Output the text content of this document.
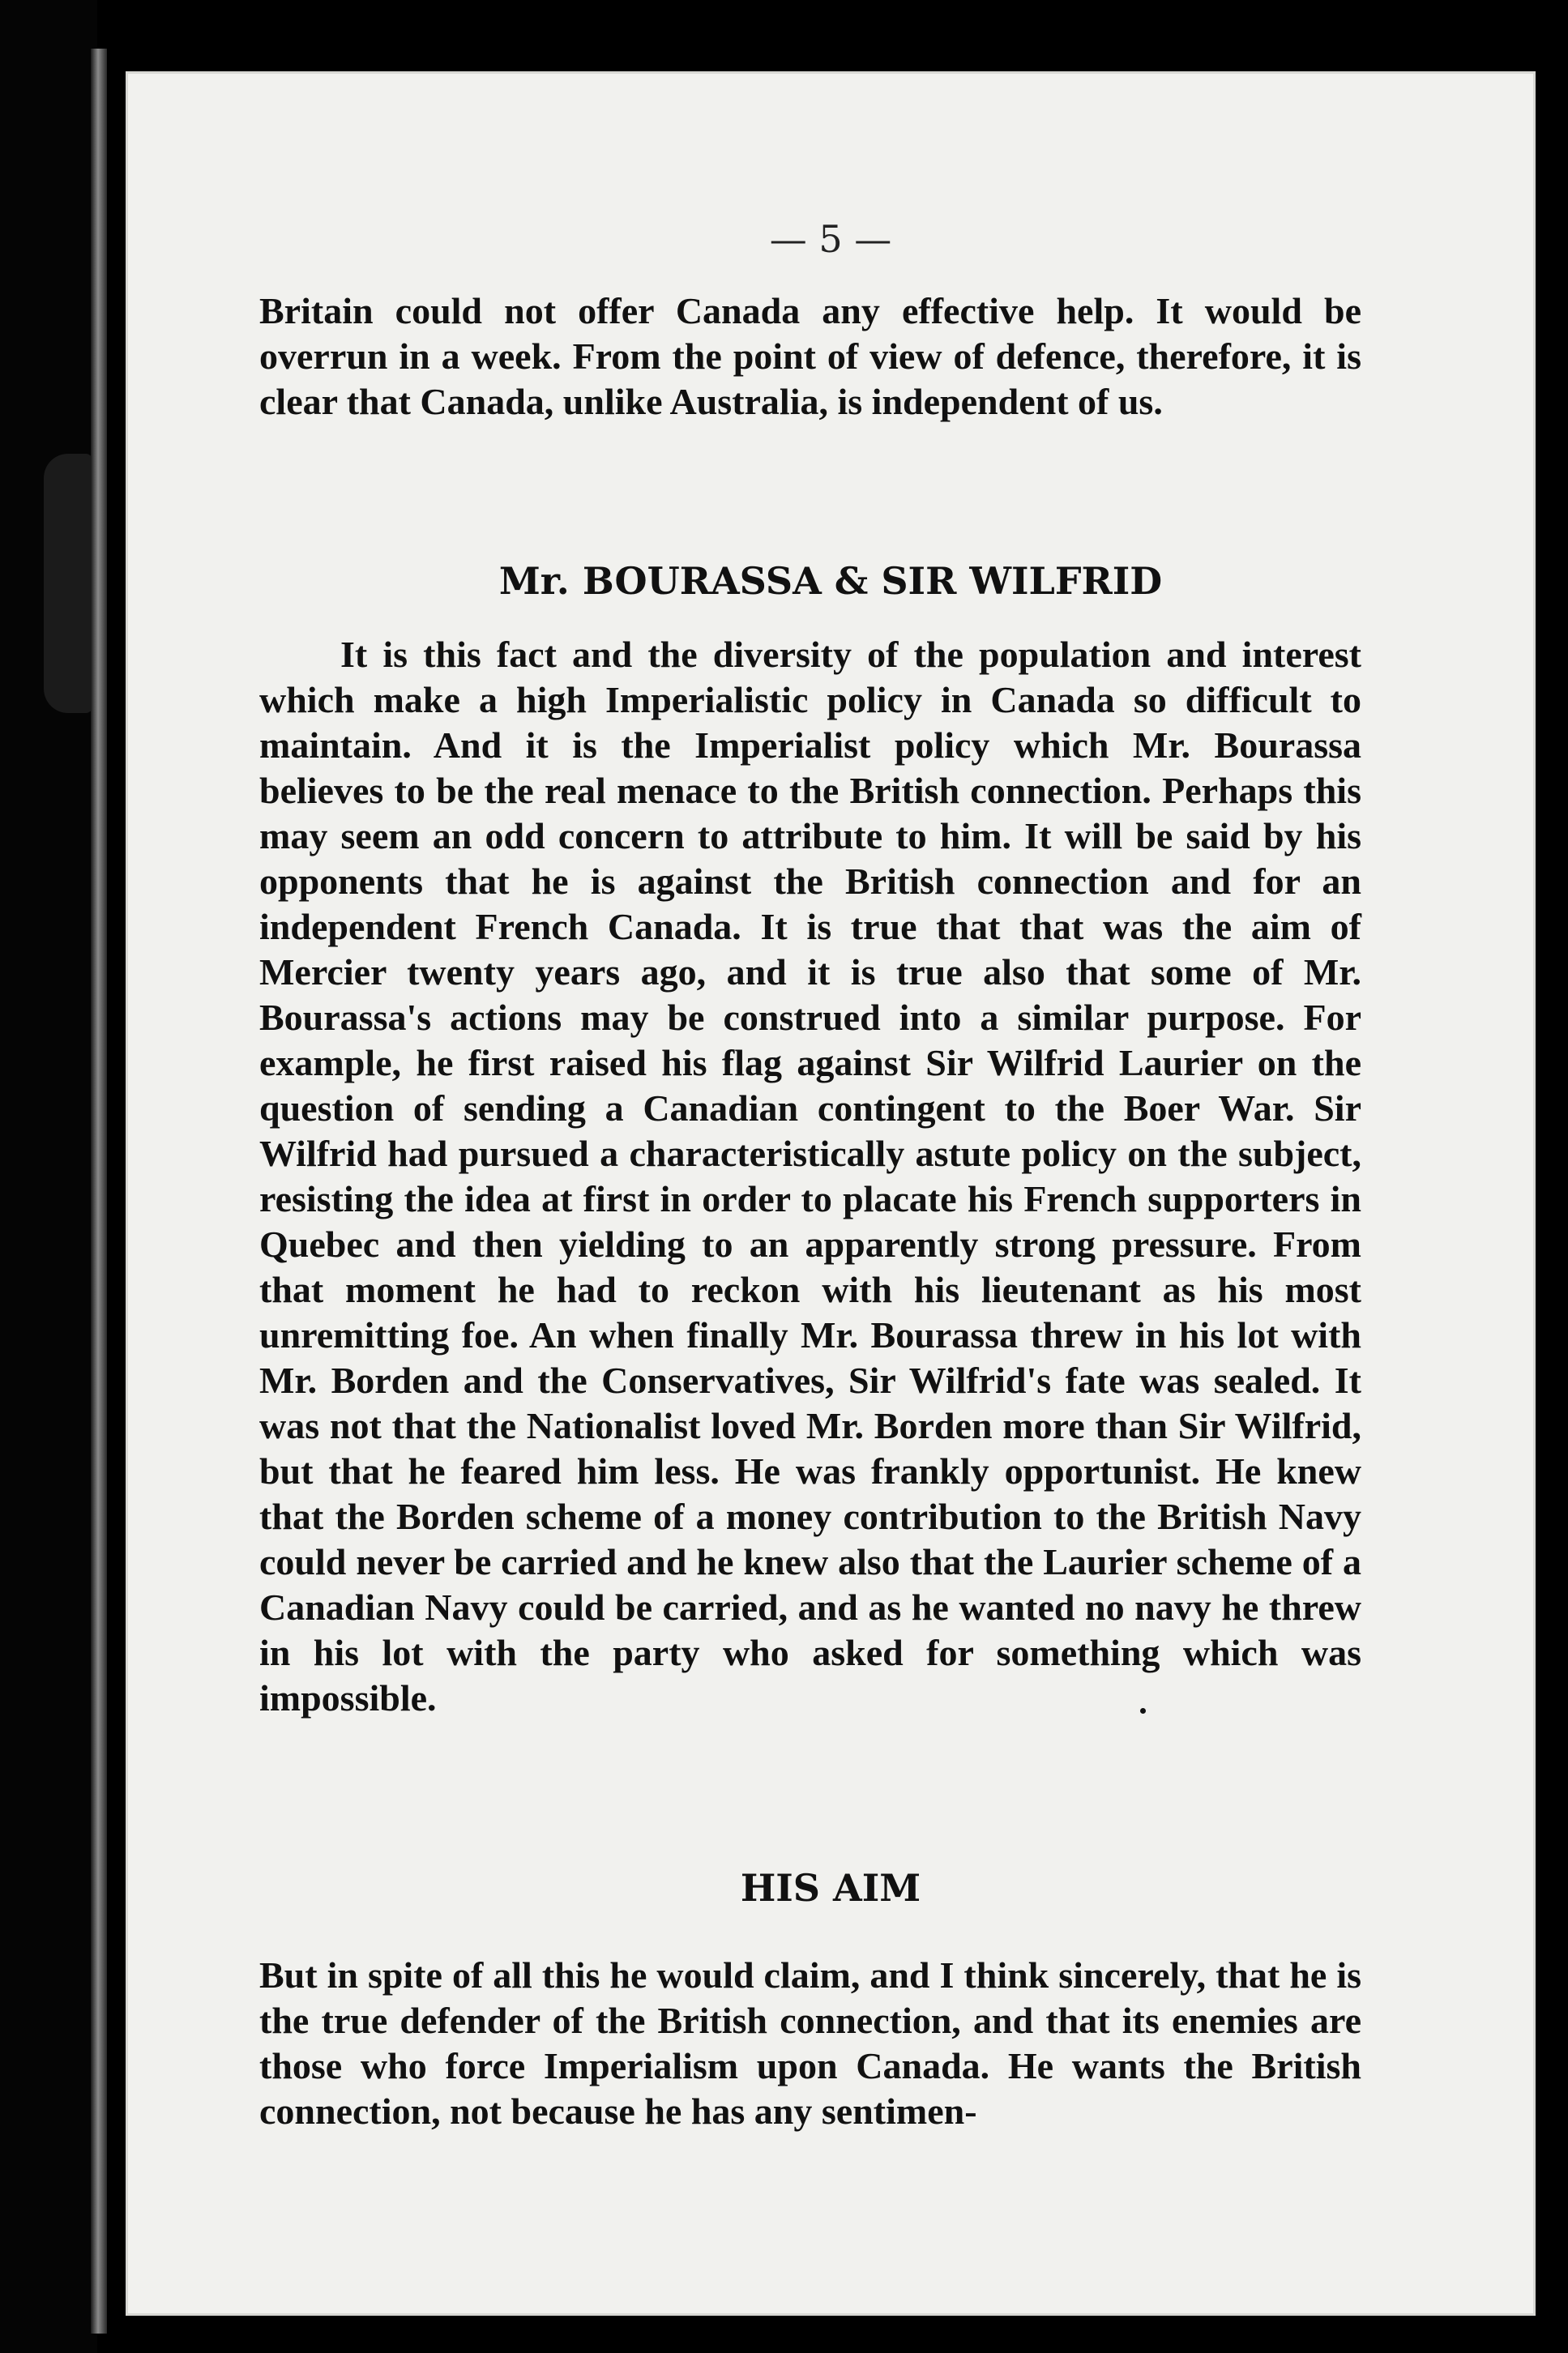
— 5 —

Britain could not offer Canada any effective help. It would be overrun in a week. From the point of view of defence, therefore, it is clear that Canada, unlike Australia, is independent of us.

Mr. BOURASSA & SIR WILFRID

It is this fact and the diversity of the population and interest which make a high Imperialistic policy in Canada so difficult to maintain. And it is the Imperialist policy which Mr. Bourassa believes to be the real menace to the British connection. Perhaps this may seem an odd concern to attribute to him. It will be said by his opponents that he is against the British connection and for an independent French Canada. It is true that that was the aim of Mercier twenty years ago, and it is true also that some of Mr. Bourassa's actions may be construed into a similar purpose. For example, he first raised his flag against Sir Wilfrid Laurier on the question of sending a Canadian contingent to the Boer War. Sir Wilfrid had pursued a characteristically astute policy on the subject, resisting the idea at first in order to placate his French supporters in Quebec and then yielding to an apparently strong pressure. From that moment he had to reckon with his lieutenant as his most unremitting foe. An when finally Mr. Bourassa threw in his lot with Mr. Borden and the Conservatives, Sir Wilfrid's fate was sealed. It was not that the Nationalist loved Mr. Borden more than Sir Wilfrid, but that he feared him less. He was frankly opportunist. He knew that the Borden scheme of a money contribution to the British Navy could never be carried and he knew also that the Laurier scheme of a Canadian Navy could be carried, and as he wanted no navy he threw in his lot with the party who asked for something which was impossible.

HIS AIM

But in spite of all this he would claim, and I think sincerely, that he is the true defender of the British connection, and that its enemies are those who force Imperialism upon Canada. He wants the British connection, not because he has any sentimen-
